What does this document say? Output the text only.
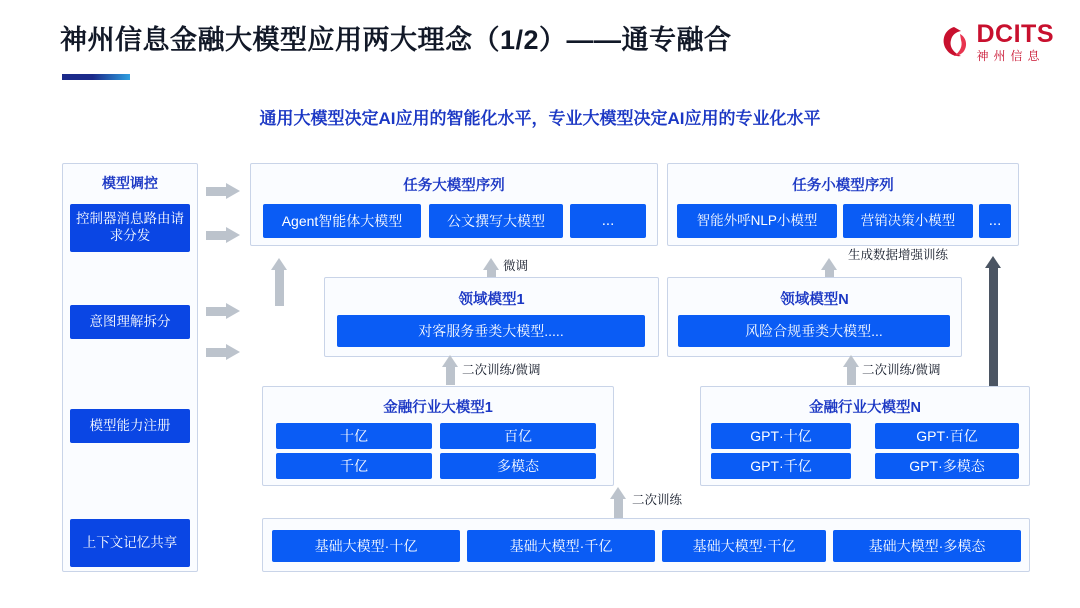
神州信息金融大模型应用两大理念（1/2）——通专融合	DCITS
神州信息
通用大模型决定AI应用的智能化水平，专业大模型决定AI应用的专业化水平
模型调控
控制器消息路由请求分发
意图理解拆分
模型能力注册
上下文记忆共享
任务大模型序列
Agent智能体大模型	公文撰写大模型	...
任务小模型序列
智能外呼NLP小模型	营销决策小模型	...
微调
生成数据增强训练
领域模型1
对客服务垂类大模型.....
领域模型N
风险合规垂类大模型...
二次训练/微调	二次训练/微调
金融行业大模型1
十亿	百亿
千亿	多模态
金融行业大模型N
GPT·十亿	GPT·百亿
GPT·千亿	GPT·多模态
二次训练
基础大模型·十亿	基础大模型·千亿	基础大模型·干亿	基础大模型·多模态
